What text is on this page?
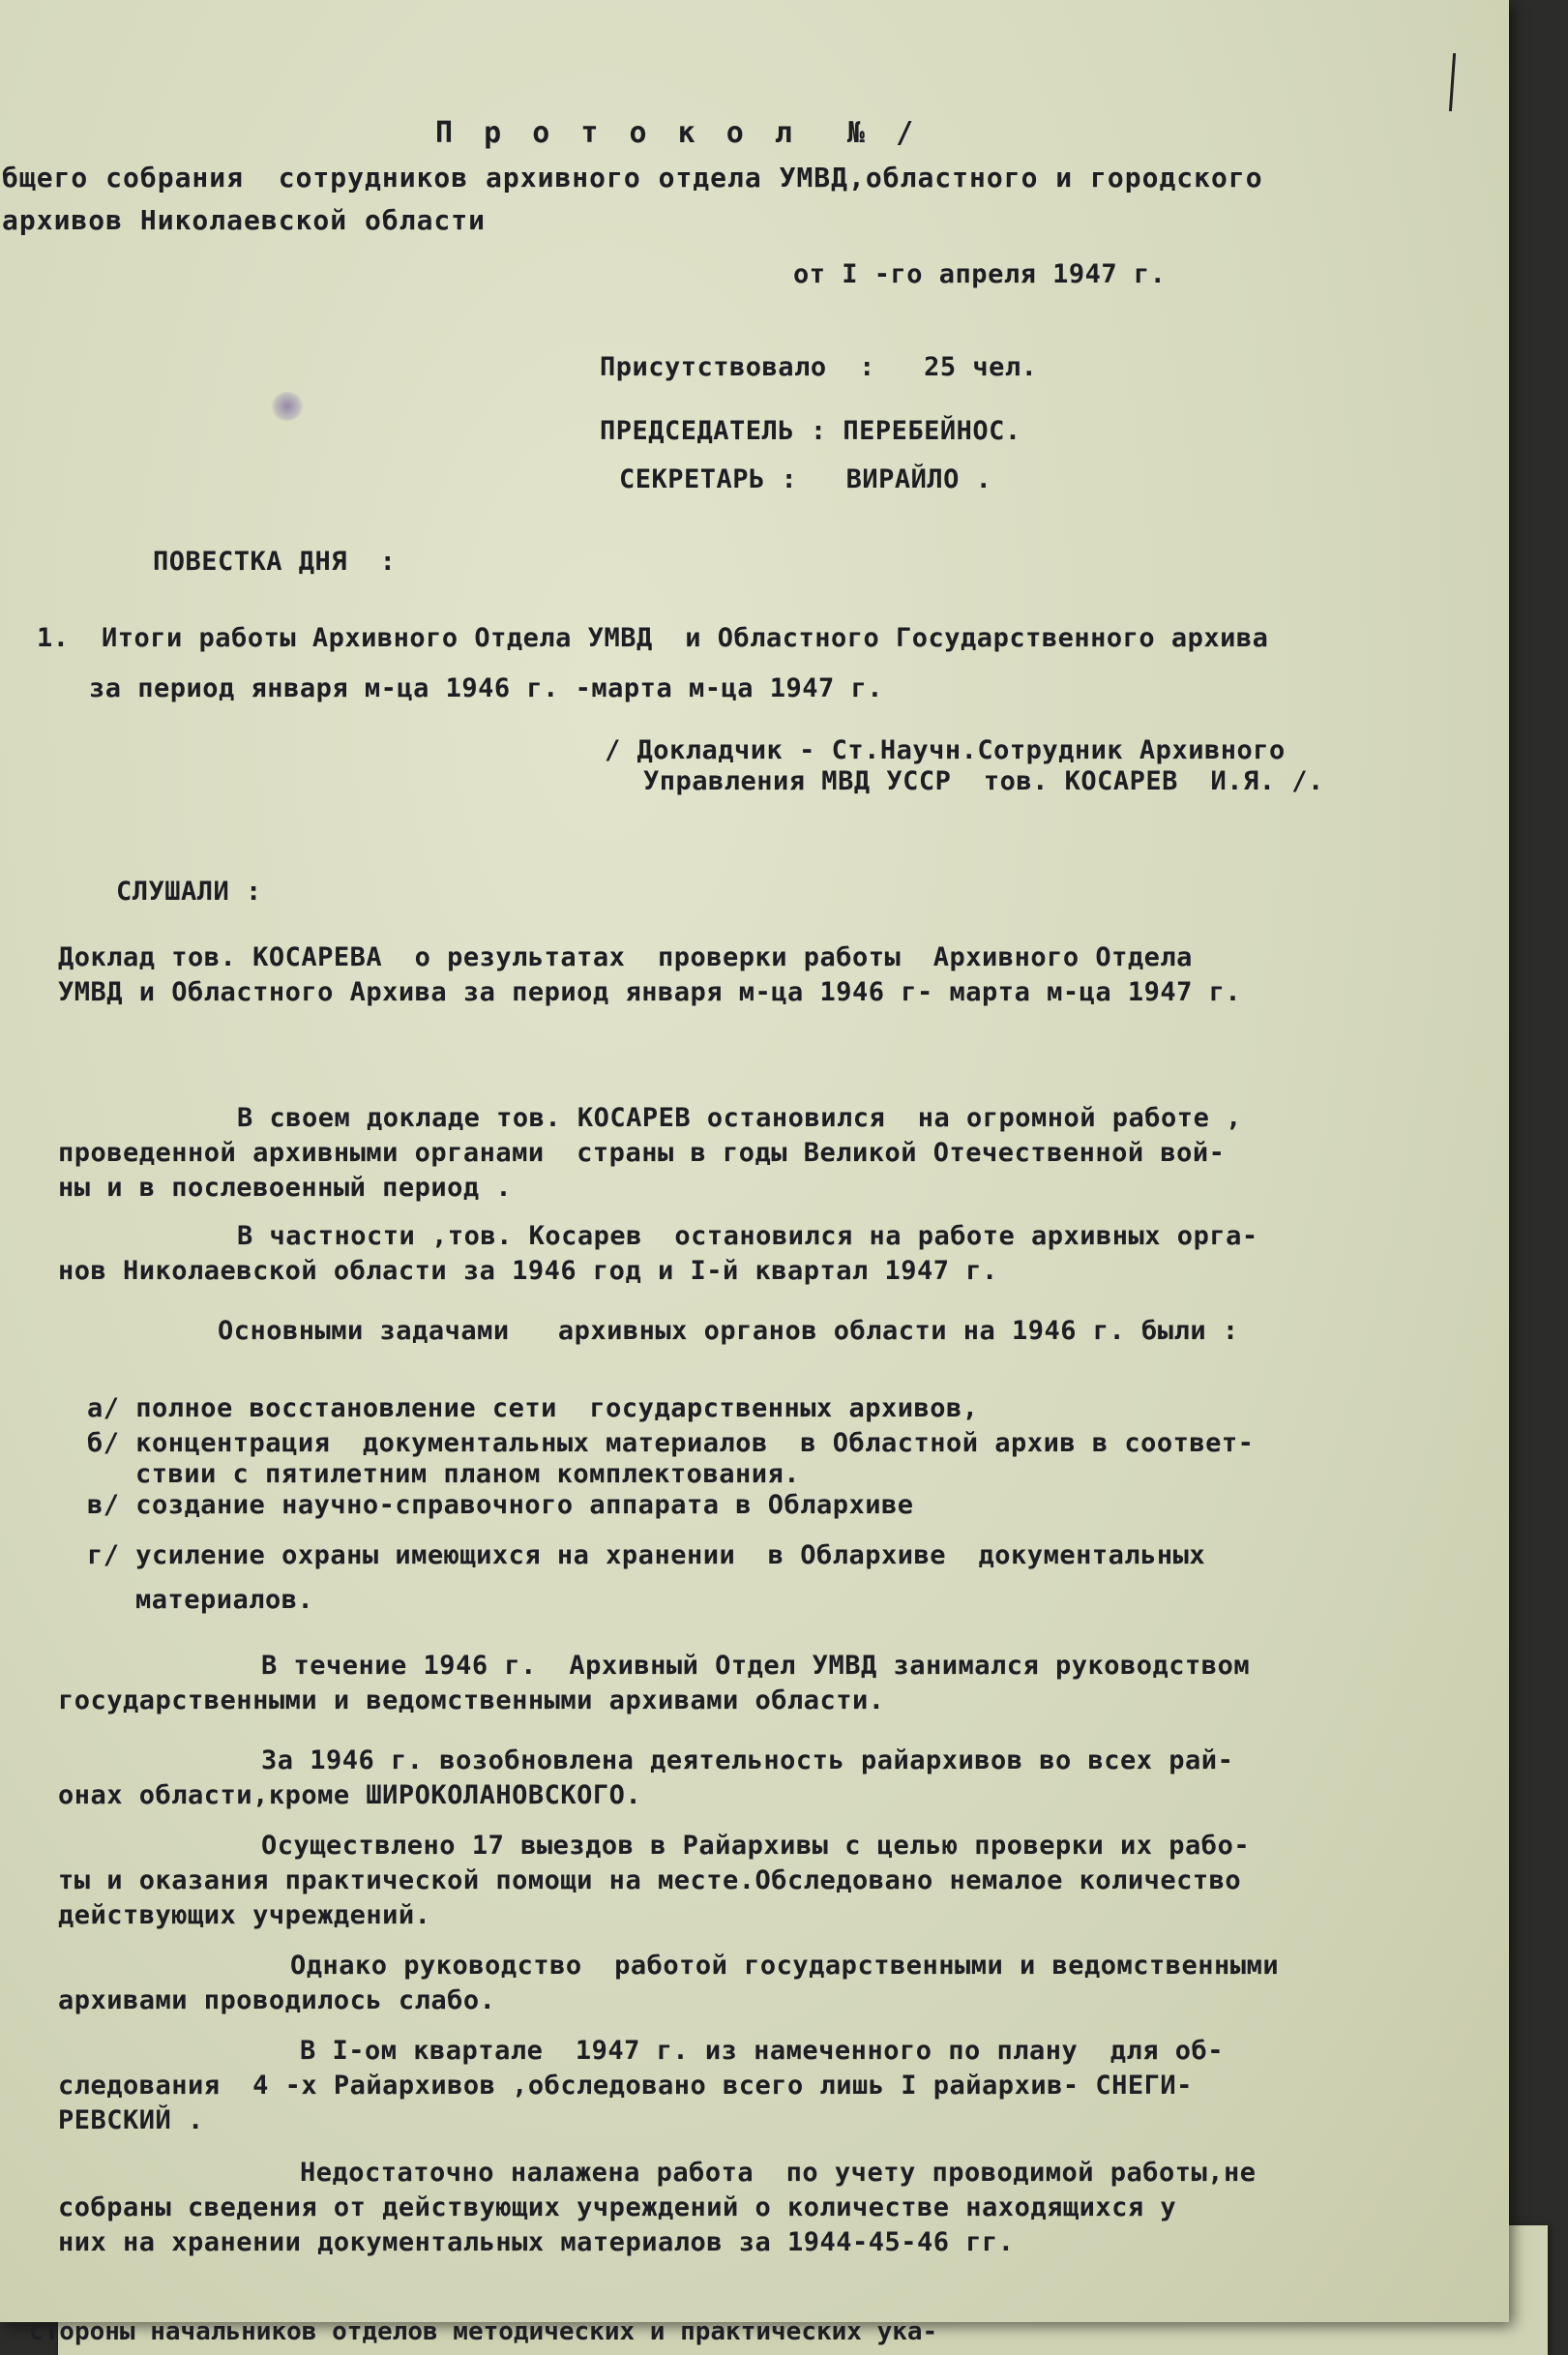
П р о т о к о л  № /
бщего собрания  сотрудников архивного отдела УМВД,областного и городского
архивов Николаевской области
от I -го апреля 1947 г.
Присутствовало  :   25 чел.
ПРЕДСЕДАТЕЛЬ : ПЕРЕБЕЙНОС.
СЕКРЕТАРЬ :   ВИРАЙЛО .
ПОВЕСТКА ДНЯ  :
1.  Итоги работы Архивного Отдела УМВД  и Областного Государственного архива
за период января м-ца 1946 г. -марта м-ца 1947 г.
/ Докладчик - Ст.Научн.Сотрудник Архивного
Управления МВД УССР  тов. КОСАРЕВ  И.Я. /.
СЛУШАЛИ :
Доклад тов. КОСАРЕВА  о результатах  проверки работы  Архивного Отдела
УМВД и Областного Архива за период января м-ца 1946 г- марта м-ца 1947 г.
В своем докладе тов. КОСАРЕВ остановился  на огромной работе ,
проведенной архивными органами  страны в годы Великой Отечественной вой-
ны и в послевоенный период .
В частности ,тов. Косарев  остановился на работе архивных орга-
нов Николаевской области за 1946 год и I-й квартал 1947 г.
Основными задачами   архивных органов области на 1946 г. были :
а/ полное восстановление сети  государственных архивов,
б/ концентрация  документальных материалов  в Областной архив в соответ-
ствии с пятилетним планом комплектования.
в/ создание научно-справочного аппарата в Облархиве
г/ усиление охраны имеющихся на хранении  в Облархиве  документальных
материалов.
В течение 1946 г.  Архивный Отдел УМВД занимался руководством
государственными и ведомственными архивами области.
За 1946 г. возобновлена деятельность райархивов во всех рай-
онах области,кроме ШИРОКОЛАНОВСКОГО.
Осуществлено 17 выездов в Райархивы с целью проверки их рабо-
ты и оказания практической помощи на месте.Обследовано немалое количество
действующих учреждений.
Однако руководство  работой государственными и ведомственными
архивами проводилось слабо.
В I-ом квартале  1947 г. из намеченного по плану  для об-
следования  4 -х Райархивов ,обследовано всего лишь I райархив- СНЕГИ-
РЕВСКИЙ .
Недостаточно налажена работа  по учету проводимой работы,не
собраны сведения от действующих учреждений о количестве находящихся у
них на хранении документальных материалов за 1944-45-46 гг.
стороны начальников отделов методических и практических ука-
